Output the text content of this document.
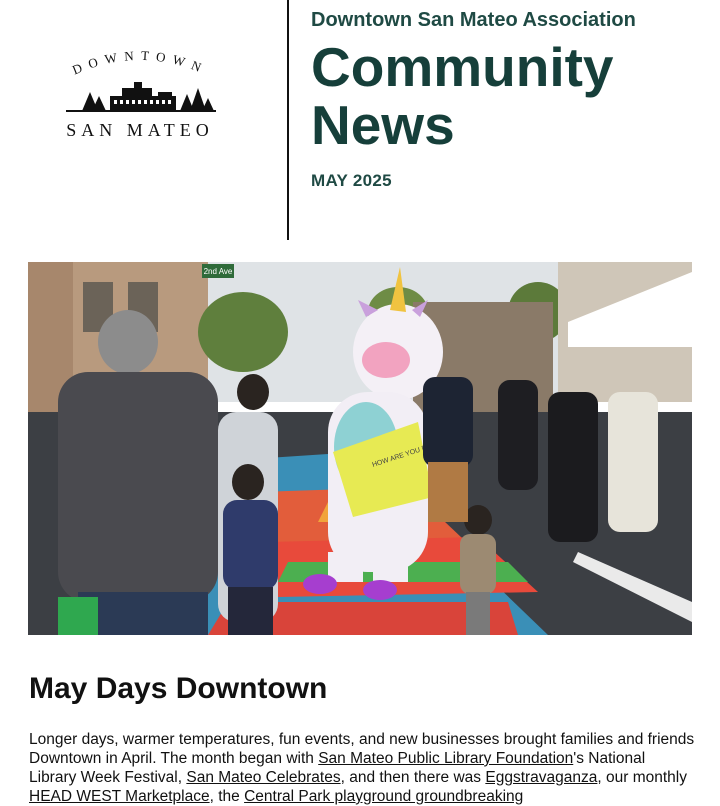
DOWNTOWN
SAN MATEO
Downtown San Mateo Association
Community
News
MAY 2025
2nd Ave
HOW ARE YOU
May Days Downtown

Longer days, warmer temperatures, fun events, and new businesses brought families and friends Downtown in April. The month began with San Mateo Public Library Foundation's National Library Week Festival, San Mateo Celebrates, and then there was Eggstravaganza, our monthly HEAD WEST Marketplace, the Central Park playground groundbreaking
